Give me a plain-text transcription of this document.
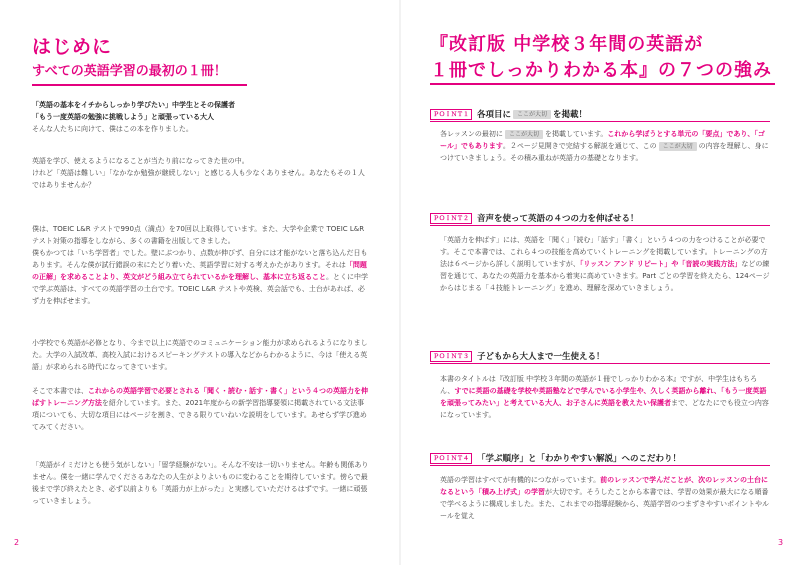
はじめに
すべての英語学習の最初の１冊！

「英語の基本をイチからしっかり学びたい」中学生とその保護者

「もう一度英語の勉強に挑戦しよう」と頑張っている大人

そんな人たちに向けて、僕はこの本を作りました。

英語を学び、使えるようになることが当たり前になってきた世の中。

けれど「英語は難しい」「なかなか勉強が継続しない」と感じる人も少なくありません。あなたもその１人ではありませんか？

僕は、TOEIC L&R テストで990点（満点）を70回以上取得しています。また、大学や企業で TOEIC L&R テスト対策の指導をしながら、多くの書籍を出版してきました。

僕もかつては「いち学習者」でした。壁にぶつかり、点数が伸びず、自分には才能がないと落ち込んだ日もあります。そんな僕が試行錯誤の末にたどり着いた、英語学習に対する考えかたがあります。それは「問題の正解」を求めることより、英文がどう組み立てられているかを理解し、基本に立ち返ること。とくに中学で学ぶ英語は、すべての英語学習の土台です。TOEIC L&R テストや英検、英会話でも、土台があれば、必ず力を伸ばせます。

小学校でも英語が必修となり、今まで以上に英語でのコミュニケーション能力が求められるようになりました。大学の入試改革、高校入試におけるスピーキングテストの導入などからわかるように、今は「使える英語」が求められる時代になってきています。

そこで本書では、これからの英語学習で必要とされる「聞く・読む・話す・書く」という４つの英語力を伸ばすトレーニング方法を紹介しています。また、2021年度からの新学習指導要領に掲載されている文法事項についても、大切な項目にはページを割き、できる限りていねいな説明をしています。あせらず学び進めてみてください。

「英語がイミだけとも使う気がしない」「留学経験がない」。そんな不安は一切いりません。年齢も関係ありません。僕を一緒に学んでくださるあなたの人生がよりよいものに変わることを期待しています。傍らで最後まで学び終えたとき、必ず以前よりも「英語力が上がった」と実感していただけるはずです。一緒に頑張っていきましょう。

2
『改訂版 中学校３年間の英語が
１冊でしっかりわかる本』の７つの強み
ＰＯＩＮＴ１ 各項目に	ここが大切 を掲載！

各レッスンの最初に ここが大切 を掲載しています。これから学ぼうとする単元の「要点」であり、「ゴール」でもあります。２ページ見開きで完結する解説を通じて、この ここが大切 の内容を理解し、身につけていきましょう。その積み重ねが英語力の基礎となります。

ＰＯＩＮＴ２ 音声を使って英語の４つの力を伸ばせる！

「英語力を伸ばす」には、英語を「聞く」「読む」「話す」「書く」という４つの力をつけることが必要です。そこで本書では、これら４つの技能を高めていくトレーニングを掲載しています。トレーニングの方法は６ページから詳しく説明していますが、「リッスン アンド リピート」や「音読の実践方法」などの練習を通じて、あなたの英語力を基本から着実に高めていきます。Part ごとの学習を終えたら、124ページからはじまる「４技能トレーニング」を進め、理解を深めていきましょう。

ＰＯＩＮＴ３ 子どもから大人まで一生使える！

本書のタイトルは『改訂版 中学校３年間の英語が１冊でしっかりわかる本』ですが、中学生はもちろん、すでに英語の基礎を学校や英語塾などで学んでいる小学生や、久しく英語から離れ、「もう一度英語を頑張ってみたい」と考えている大人、お子さんに英語を教えたい保護者まで、どなたにでも役立つ内容になっています。

ＰＯＩＮＴ４ 「学ぶ順序」と「わかりやすい解説」へのこだわり！

英語の学習はすべてが有機的につながっています。前のレッスンで学んだことが、次のレッスンの土台になるという「積み上げ式」の学習が大切です。そうしたことから本書では、学習の効果が最大になる順番で学べるように構成しました。また、これまでの指導経験から、英語学習のつまずきやすいポイントやルールを覚え

3
